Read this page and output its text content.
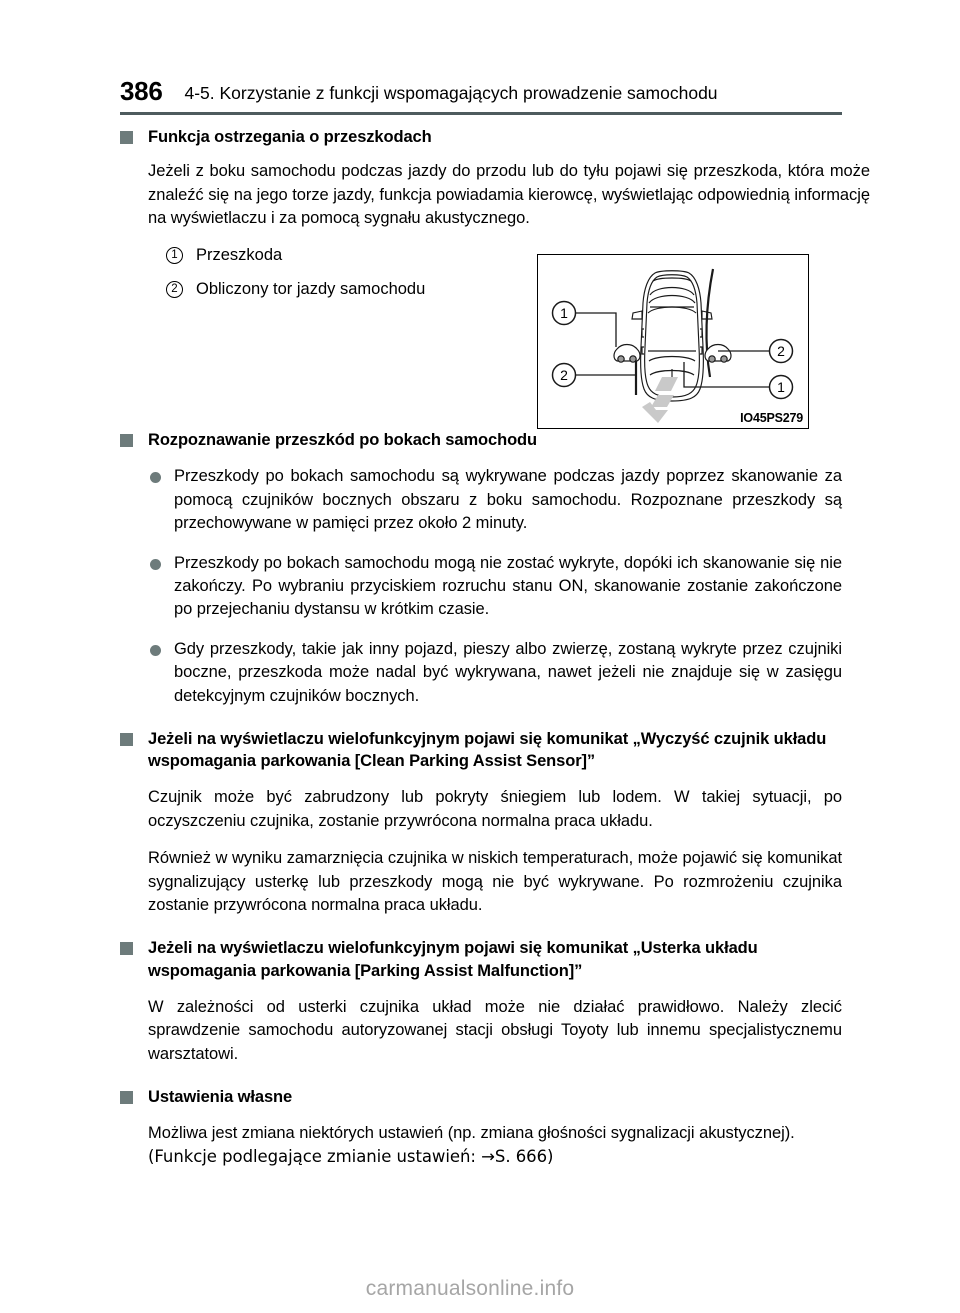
386 4-5. Korzystanie z funkcji wspomagających prowadzenie samochodu
1
2
2
1
IO45PS279
Funkcja ostrzegania o przeszkodach
Jeżeli z boku samochodu podczas jazdy do przodu lub do tyłu pojawi się przeszkoda, która może znaleźć się na jego torze jazdy, funkcja powiadamia kierowcę, wyświetlając odpowiednią informację na wyświetlaczu i za pomocą sygnału akustycznego.
1	Przeszkoda
2	Obliczony tor jazdy samochodu
Rozpoznawanie przeszkód po bokach samochodu
Przeszkody po bokach samochodu są wykrywane podczas jazdy poprzez skanowanie za pomocą czujników bocznych obszaru z boku samochodu. Rozpoznane przeszkody są przechowywane w pamięci przez około 2 minuty.
Przeszkody po bokach samochodu mogą nie zostać wykryte, dopóki ich skanowanie się nie zakończy. Po wybraniu przyciskiem rozruchu stanu ON, skanowanie zostanie zakończone po przejechaniu dystansu w krótkim czasie.
Gdy przeszkody, takie jak inny pojazd, pieszy albo zwierzę, zostaną wykryte przez czujniki boczne, przeszkoda może nadal być wykrywana, nawet jeżeli nie znajduje się w zasięgu detekcyjnym czujników bocznych.
Jeżeli na wyświetlaczu wielofunkcyjnym pojawi się komunikat „Wyczyść czujnik układu wspomagania parkowania [Clean Parking Assist Sensor]”
Czujnik może być zabrudzony lub pokryty śniegiem lub lodem. W takiej sytuacji, po oczyszczeniu czujnika, zostanie przywrócona normalna praca układu.
Również w wyniku zamarznięcia czujnika w niskich temperaturach, może pojawić się komunikat sygnalizujący usterkę lub przeszkody mogą nie być wykrywane. Po rozmrożeniu czujnika zostanie przywrócona normalna praca układu.
Jeżeli na wyświetlaczu wielofunkcyjnym pojawi się komunikat „Usterka układu wspomagania parkowania [Parking Assist Malfunction]”
W zależności od usterki czujnika układ może nie działać prawidłowo. Należy zlecić sprawdzenie samochodu autoryzowanej stacji obsługi Toyoty lub innemu specjalistycznemu warsztatowi.
Ustawienia własne
Możliwa jest zmiana niektórych ustawień (np. zmiana głośności sygnalizacji akustycznej).
(Funkcje podlegające zmianie ustawień: →S. 666)
carmanualsonline.info
